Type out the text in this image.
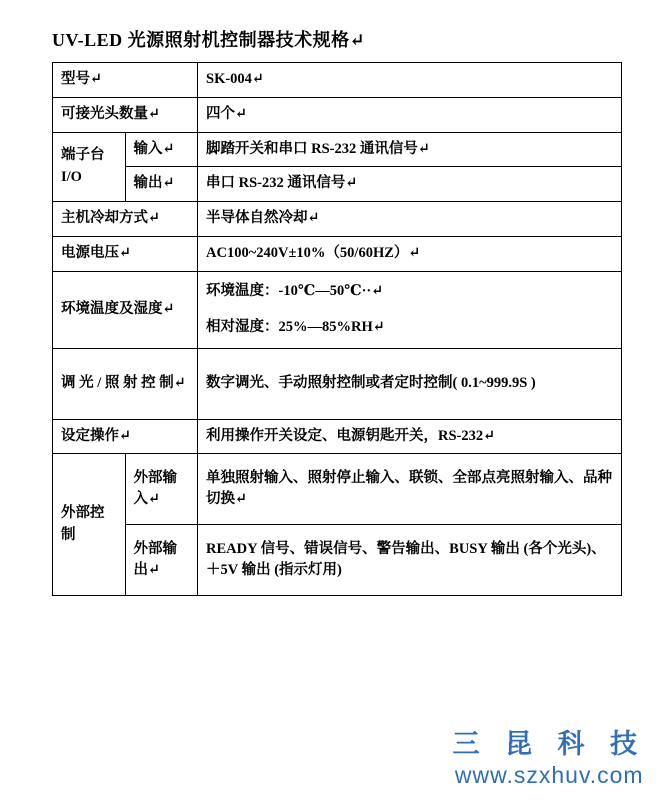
UV-LED 光源照射机控制器技术规格↵
型号↵		SK-004↵
可接光头数量↵		四个↵
端子台 I/O	输入↵	脚踏开关和串口 RS-232 通讯信号↵
	输出↵	串口 RS-232 通讯信号↵
主机冷却方式↵		半导体自然冷却↵
电源电压↵		AC100~240V±10%（50/60HZ）↵
环境温度及湿度↵		环境温度：-10℃—50℃··↵
相对湿度：25%—85%RH↵

调 光 / 照 射 控 制↵		数字调光、手动照射控制或者定时控制( 0.1~999.9S )
设定操作↵		利用操作开关设定、电源钥匙开关，RS-232↵
外部控制	外部输入↵	单独照射输入、照射停止输入、联锁、全部点亮照射输入、品种切换↵
	外部输出↵	READY 信号、错误信号、警告输出、BUSY 输出 (各个光头)、＋5V 输出 (指示灯用)
三 昆 科 技
www.szxhuv.com
